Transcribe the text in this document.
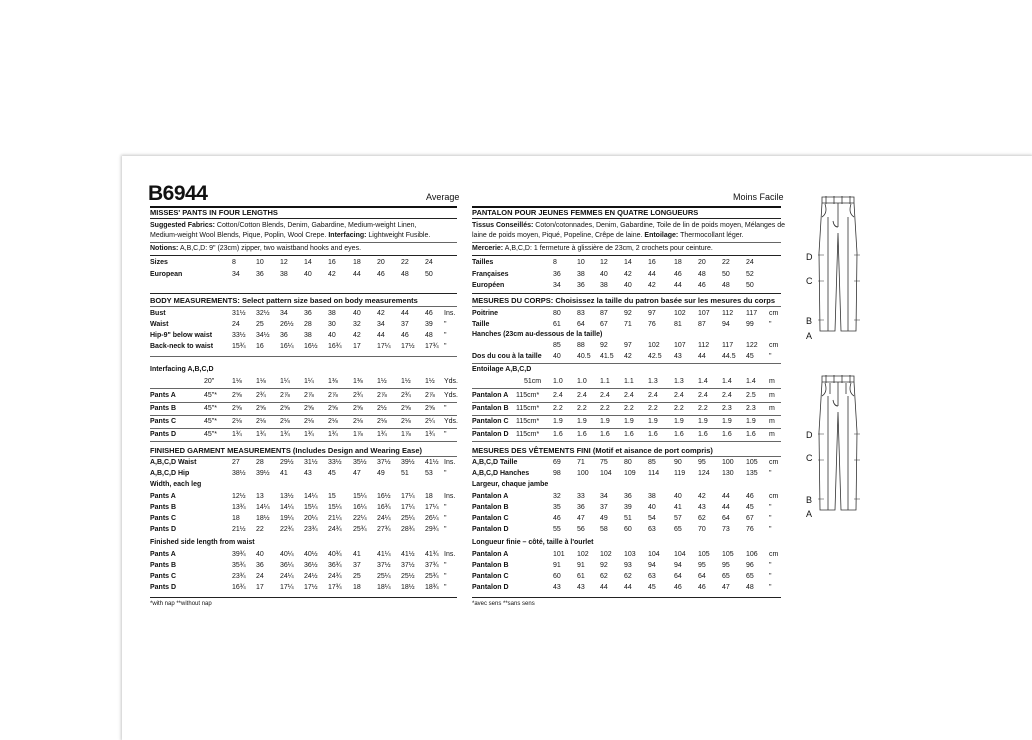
B6944	Average	Moins Facile
MISSES' PANTS IN FOUR LENGTHS
Suggested Fabrics: Cotton/Cotton Blends, Denim, Gabardine, Medium-weight Linen,
Medium-weight Wool Blends, Pique, Poplin, Wool Crepe. Interfacing: Lightweight Fusible.
Notions: A,B,C,D: 9" (23cm) zipper, two waistband hooks and eyes.
Sizes	8	10 12 14 16 18 20 22 24
European	34 36 38 40 42 44 46 48 50
BODY MEASUREMENTS: Select pattern size based on body measurements
Bust	31½ 32½ 34 36 38 40 42 44 46 Ins.
Waist	24 25 26½ 28 30 32 34 37 39 "
Hip-9" below waist	33½ 34½ 36 38 40 42 44 46 48 "
Back-neck to waist	15¾ 16 16¼ 16½ 16¾ 17 17¼ 17½ 17¾ "
Interfacing A,B,C,D
20"	1⅛ 1⅛ 1¼ 1¼ 1⅜ 1⅜ 1½ 1½ 1½ Yds.
Pants A	45"* 2⅝ 2¾ 2⅞ 2⅞ 2⅞ 2¾ 2⅞ 2¾ 2⅞ Yds.
Pants B	45"* 2⅝ 2⅝ 2⅝ 2⅝ 2⅝ 2⅝ 2½ 2⅝ 2⅝ "
Pants C	45"* 2⅛ 2⅛ 2⅛ 2⅛ 2⅛ 2⅛ 2⅛ 2⅛ 2¼ Yds.
Pants D	45"* 1¾ 1¾ 1¾ 1¾ 1¾ 1⅞ 1¾ 1⅞ 1¾ "
FINISHED GARMENT MEASUREMENTS (Includes Design and Wearing Ease)
A,B,C,D Waist	27 28 29½ 31½ 33½ 35½ 37½ 39½ 41½ Ins.
A,B,C,D Hip	38½ 39½ 41 43 45 47 49 51 53 "
Width, each leg
Pants A	12½ 13 13½ 14¼ 15 15¼ 16½ 17¼ 18 Ins.
Pants B	13¾ 14¼ 14¼ 15¼ 15¼ 16¼ 16¾ 17¼ 17¼ "
Pants C	18 18½ 19¼ 20¼ 21¼ 22¼ 24¼ 25¼ 26¼ "
Pants D	21½ 22 22¾ 23¾ 24¾ 25¾ 27¾ 28¾ 29¾ "
Finished side length from waist
Pants A	39¾ 40 40¼ 40½ 40¾ 41 41¼ 41½ 41¾ Ins.
Pants B	35¾ 36 36¼ 36½ 36¾ 37 37½ 37½ 37¾ "
Pants C	23¾ 24 24¼ 24½ 24¾ 25 25¼ 25½ 25¾ "
Pants D	16¾ 17 17¼ 17½ 17¾ 18 18¼ 18½ 18¾ "
*with nap **without nap
PANTALON POUR JEUNES FEMMES EN QUATRE LONGUEURS
Tissus Conseillés: Coton/cotonnades, Denim, Gabardine, Toile de lin de poids moyen, Mélanges de
laine de poids moyen, Piqué, Popeline, Crêpe de laine. Entoilage: Thermocollant léger.
Mercerie: A,B,C,D: 1 fermeture à glissière de 23cm, 2 crochets pour ceinture.
Tailles	8	10 12 14 16	18 20 22 24
Françaises	36 38 40 42 44	46 48 50 52
Européen	34 36 38 40 42	44 46 48 50
MESURES DU CORPS: Choisissez la taille du patron basée sur les mesures du corps
Poitrine	80 83 87 92 97	102 107 112 117 cm
Taille	61 64 67 71 76	81 87 94 99 "
Hanches (23cm au-dessous de la taille)
85 88 92 97 102 107 112 117 122 cm
Dos du cou à la taille 40 40.5 41.5 42 42.5 43 44 44.5 45 "
Entoilage A,B,C,D
51cm 1.0 1.0 1.1 1.1 1.3 1.3 1.4 1.4 1.4 m
Pantalon A 115cm* 2.4 2.4 2.4 2.4 2.4 2.4 2.4 2.4 2.5 m
Pantalon B 115cm* 2.2 2.2 2.2 2.2 2.2 2.2 2.2 2.3 2.3 m
Pantalon C 115cm* 1.9 1.9 1.9 1.9 1.9 1.9 1.9 1.9 1.9 m
Pantalon D 115cm* 1.6 1.6 1.6 1.6 1.6 1.6 1.6 1.6 1.6 m
MESURES DES VÊTEMENTS FINI (Motif et aisance de port compris)
A,B,C,D Taille	69 71 75 80 85	90 95 100 105 cm
A,B,C,D Hanches	98 100 104 109 114 119 124 130 135 "
Largeur, chaque jambe
Pantalon A	32 33 34 36 38	40 42 44 46 cm
Pantalon B	35 36 37 39 40	41 43 44 45 "
Pantalon C	46 47 49 51 54	57 62 64 67 "
Pantalon D	55 56 58 60 63	65 70 73 76 "
Longueur finie – côté, taille à l'ourlet
Pantalon A	101 102 102 103 104 104 105 105 106 cm
Pantalon B	91 91 92 93 94	94 95 95 96 "
Pantalon C	60 61 62 62 63	64 64 65 65 "
Pantalon D	43 43 44 44 45	46 46 47 48 "
*avec sens **sans sens
D
C
B
A
D
C
B
A
